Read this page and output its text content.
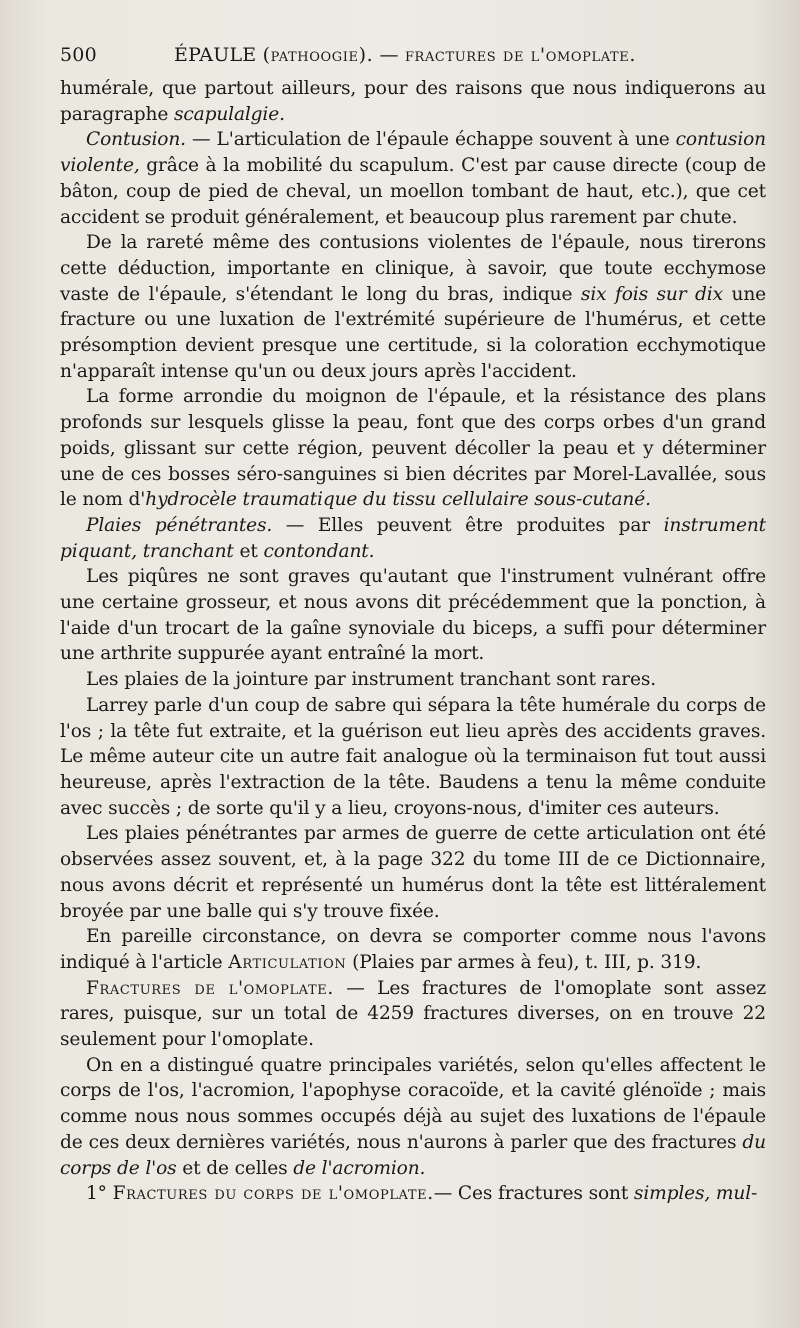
500	ÉPAULE (pathoogie). — fractures de l'omoplate.

humérale, que partout ailleurs, pour des raisons que nous indiquerons au paragraphe scapulalgie.

Contusion. — L'articulation de l'épaule échappe souvent à une contusion violente, grâce à la mobilité du scapulum. C'est par cause directe (coup de bâton, coup de pied de cheval, un moellon tombant de haut, etc.), que cet accident se produit généralement, et beaucoup plus rarement par chute.

De la rareté même des contusions violentes de l'épaule, nous tirerons cette déduction, importante en clinique, à savoir, que toute ecchymose vaste de l'épaule, s'étendant le long du bras, indique six fois sur dix une fracture ou une luxation de l'extrémité supérieure de l'humérus, et cette présomption devient presque une certitude, si la coloration ecchymotique n'apparaît intense qu'un ou deux jours après l'accident.

La forme arrondie du moignon de l'épaule, et la résistance des plans profonds sur lesquels glisse la peau, font que des corps orbes d'un grand poids, glissant sur cette région, peuvent décoller la peau et y déterminer une de ces bosses séro-sanguines si bien décrites par Morel-Lavallée, sous le nom d'hydrocèle traumatique du tissu cellulaire sous-cutané.

Plaies pénétrantes. — Elles peuvent être produites par instrument piquant, tranchant et contondant.

Les piqûres ne sont graves qu'autant que l'instrument vulnérant offre une certaine grosseur, et nous avons dit précédemment que la ponction, à l'aide d'un trocart de la gaîne synoviale du biceps, a suffi pour déterminer une arthrite suppurée ayant entraîné la mort.

Les plaies de la jointure par instrument tranchant sont rares.

Larrey parle d'un coup de sabre qui sépara la tête humérale du corps de l'os ; la tête fut extraite, et la guérison eut lieu après des accidents graves. Le même auteur cite un autre fait analogue où la terminaison fut tout aussi heureuse, après l'extraction de la tête. Baudens a tenu la même conduite avec succès ; de sorte qu'il y a lieu, croyons-nous, d'imiter ces auteurs.

Les plaies pénétrantes par armes de guerre de cette articulation ont été observées assez souvent, et, à la page 322 du tome III de ce Dictionnaire, nous avons décrit et représenté un humérus dont la tête est littéralement broyée par une balle qui s'y trouve fixée.

En pareille circonstance, on devra se comporter comme nous l'avons indiqué à l'article Articulation (Plaies par armes à feu), t. III, p. 319.

Fractures de l'omoplate. — Les fractures de l'omoplate sont assez rares, puisque, sur un total de 4259 fractures diverses, on en trouve 22 seulement pour l'omoplate.

On en a distingué quatre principales variétés, selon qu'elles affectent le corps de l'os, l'acromion, l'apophyse coracoïde, et la cavité glénoïde ; mais comme nous nous sommes occupés déjà au sujet des luxations de l'épaule de ces deux dernières variétés, nous n'aurons à parler que des fractures du corps de l'os et de celles de l'acromion.

1° Fractures du corps de l'omoplate.— Ces fractures sont simples, mul-
